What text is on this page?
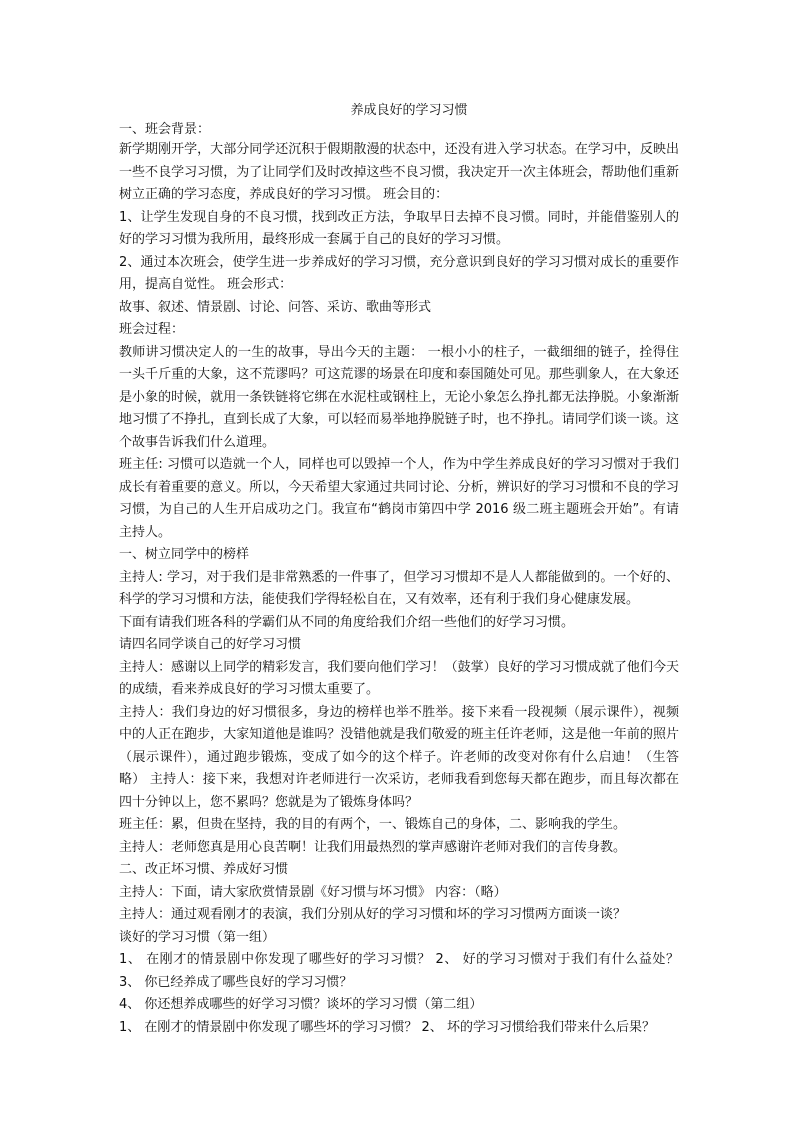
养成良好的学习习惯
一、班会背景：

新学期刚开学，大部分同学还沉积于假期散漫的状态中，还没有进入学习状态。在学习中，反映出一些不良学习习惯，为了让同学们及时改掉这些不良习惯，我决定开一次主体班会，帮助他们重新树立正确的学习态度，养成良好的学习习惯。 班会目的：

1、让学生发现自身的不良习惯，找到改正方法，争取早日去掉不良习惯。同时，并能借鉴别人的好的学习习惯为我所用，最终形成一套属于自己的良好的学习习惯。

2、通过本次班会，使学生进一步养成好的学习习惯，充分意识到良好的学习习惯对成长的重要作用，提高自觉性。 班会形式：

故事、叙述、情景剧、讨论、问答、采访、歌曲等形式

班会过程：

教师讲习惯决定人的一生的故事，导出今天的主题： 一根小小的柱子，一截细细的链子，拴得住一头千斤重的大象，这不荒谬吗？可这荒谬的场景在印度和泰国随处可见。那些驯象人，在大象还是小象的时候，就用一条铁链将它绑在水泥柱或钢柱上，无论小象怎么挣扎都无法挣脱。小象渐渐地习惯了不挣扎，直到长成了大象，可以轻而易举地挣脱链子时，也不挣扎。请同学们谈一谈。这个故事告诉我们什么道理。

班主任: 习惯可以造就一个人，同样也可以毁掉一个人，作为中学生养成良好的学习习惯对于我们成长有着重要的意义。所以，今天希望大家通过共同讨论、分析，辨识好的学习习惯和不良的学习习惯，为自己的人生开启成功之门。我宣布“鹤岗市第四中学 2016 级二班主题班会开始”。有请主持人。

一、树立同学中的榜样

主持人: 学习，对于我们是非常熟悉的一件事了，但学习习惯却不是人人都能做到的。一个好的、科学的学习习惯和方法，能使我们学得轻松自在，又有效率，还有利于我们身心健康发展。

下面有请我们班各科的学霸们从不同的角度给我们介绍一些他们的好学习习惯。

请四名同学谈自己的好学习习惯

主持人：感谢以上同学的精彩发言，我们要向他们学习！（鼓掌）良好的学习习惯成就了他们今天的成绩，看来养成良好的学习习惯太重要了。

主持人：我们身边的好习惯很多，身边的榜样也举不胜举。接下来看一段视频（展示课件），视频中的人正在跑步，大家知道他是谁吗？没错他就是我们敬爱的班主任许老师，这是他一年前的照片（展示课件），通过跑步锻炼，变成了如今的这个样子。许老师的改变对你有什么启迪！（生答略） 主持人：接下来，我想对许老师进行一次采访，老师我看到您每天都在跑步，而且每次都在四十分钟以上，您不累吗？您就是为了锻炼身体吗？

班主任：累，但贵在坚持，我的目的有两个，一、锻炼自己的身体，二、影响我的学生。

主持人：老师您真是用心良苦啊！让我们用最热烈的掌声感谢许老师对我们的言传身教。

二、改正坏习惯、养成好习惯

主持人：下面，请大家欣赏情景剧《好习惯与坏习惯》 内容：（略）

主持人：通过观看刚才的表演，我们分别从好的学习习惯和坏的学习习惯两方面谈一谈？

谈好的学习习惯（第一组）

1、 在刚才的情景剧中你发现了哪些好的学习习惯？ 2、 好的学习习惯对于我们有什么益处？ 3、 你已经养成了哪些良好的学习习惯？

4、 你还想养成哪些的好学习习惯？谈坏的学习习惯（第二组）

1、 在刚才的情景剧中你发现了哪些坏的学习习惯？ 2、 坏的学习习惯给我们带来什么后果？
